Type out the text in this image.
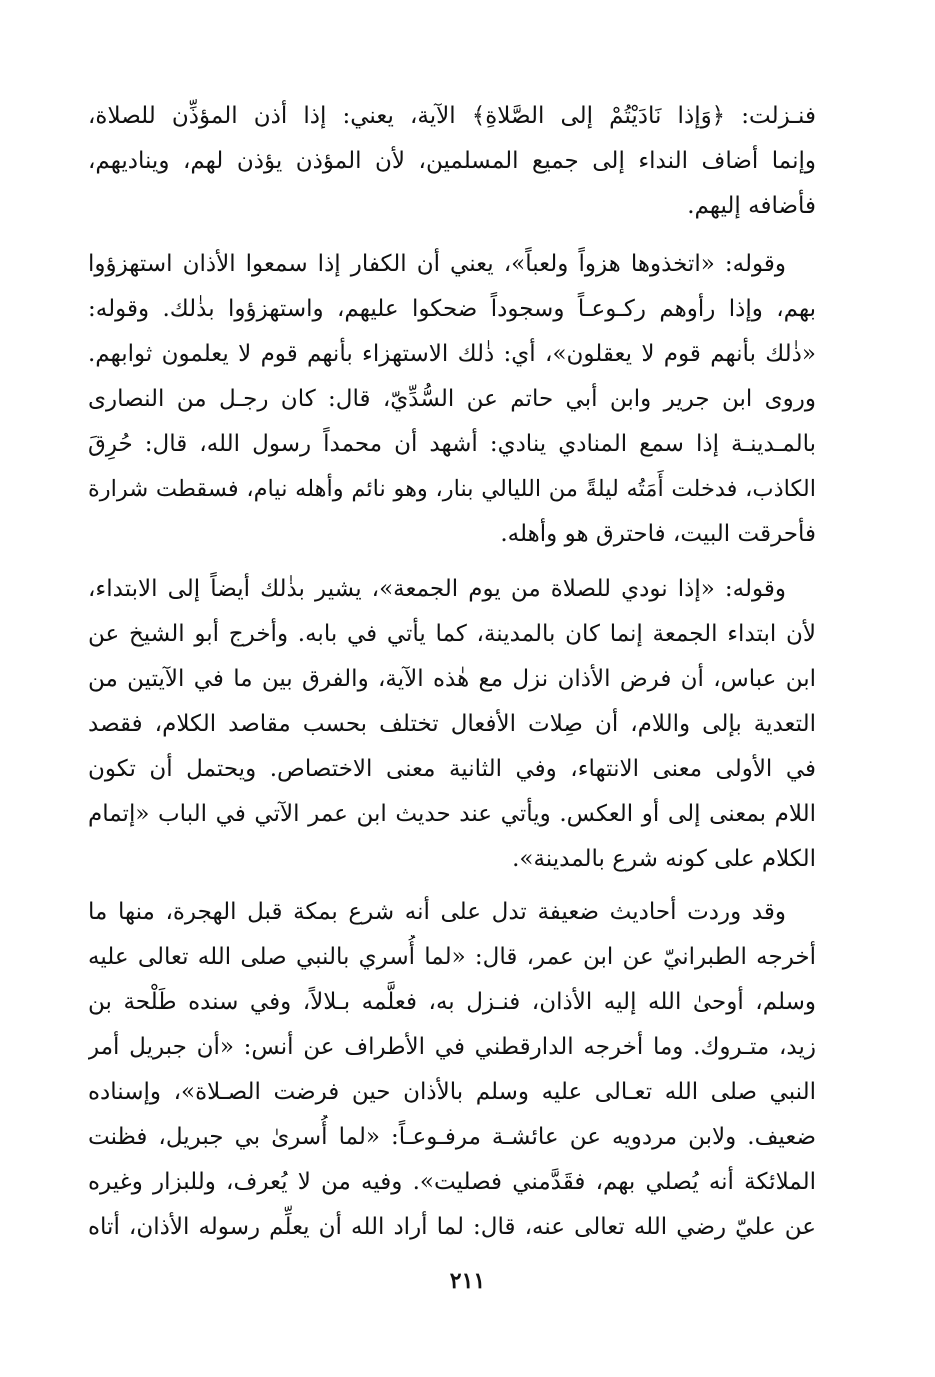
فنـزلت: ﴿وَإذا نَادَيْتُمْ إلى الصَّلاةِ﴾ الآية، يعني: إذا أذن المؤذِّن للصلاة،
وإنما أضاف النداء إلى جميع المسلمين، لأن المؤذن يؤذن لهم، ويناديهم،
فأضافه إليهم.
وقوله: «اتخذوها هزواً ولعباً»، يعني أن الكفار إذا سمعوا الأذان استهزؤوا
بهم، وإذا رأوهم ركـوعـاً وسجوداً ضحكوا عليهم، واستهزؤوا بذٰلك. وقوله:
«ذٰلك بأنهم قوم لا يعقلون»، أي: ذٰلك الاستهزاء بأنهم قوم لا يعلمون ثوابهم.
وروى ابن جرير وابن أبي حاتم عن السُّدِّيّ، قال: كان رجـل من النصارى
بالمـدينـة إذا سمع المنادي ينادي: أشهد أن محمداً رسول الله، قال: حُرِقَ
الكاذب، فدخلت أَمَتُه ليلةً من الليالي بنار، وهو نائم وأهله نيام، فسقطت شرارة
فأحرقت البيت، فاحترق هو وأهله.
وقوله: «إذا نودي للصلاة من يوم الجمعة»، يشير بذٰلك أيضاً إلى الابتداء،
لأن ابتداء الجمعة إنما كان بالمدينة، كما يأتي في بابه. وأخرج أبو الشيخ عن
ابن عباس، أن فرض الأذان نزل مع هٰذه الآية، والفرق بين ما في الآيتين من
التعدية بإلى واللام، أن صِلات الأفعال تختلف بحسب مقاصد الكلام، فقصد
في الأولى معنى الانتهاء، وفي الثانية معنى الاختصاص. ويحتمل أن تكون
اللام بمعنى إلى أو العكس. ويأتي عند حديث ابن عمر الآتي في الباب «إتمام
الكلام على كونه شرع بالمدينة».
وقد وردت أحاديث ضعيفة تدل على أنه شرع بمكة قبل الهجرة، منها ما
أخرجه الطبرانيّ عن ابن عمر، قال: «لما أُسري بالنبي صلى الله تعالى عليه
وسلم، أوحىٰ الله إليه الأذان، فنـزل به، فعلَّمه بـلالاً، وفي سنده طَلْحة بن
زيد، متـروك. وما أخرجه الدارقطني في الأطراف عن أنس: «أن جبريل أمر
النبي صلى الله تعـالى عليه وسلم بالأذان حين فرضت الصـلاة»، وإسناده
ضعيف. ولابن مردويه عن عائشـة مرفـوعـاً: «لما أُسرىٰ بي جبريل، فظنت
الملائكة أنه يُصلي بهم، فقَدَّمني فصليت». وفيه من لا يُعرف، وللبزار وغيره
عن عليّ رضي الله تعالى عنه، قال: لما أراد الله أن يعلِّم رسوله الأذان، أتاه
٢١١
